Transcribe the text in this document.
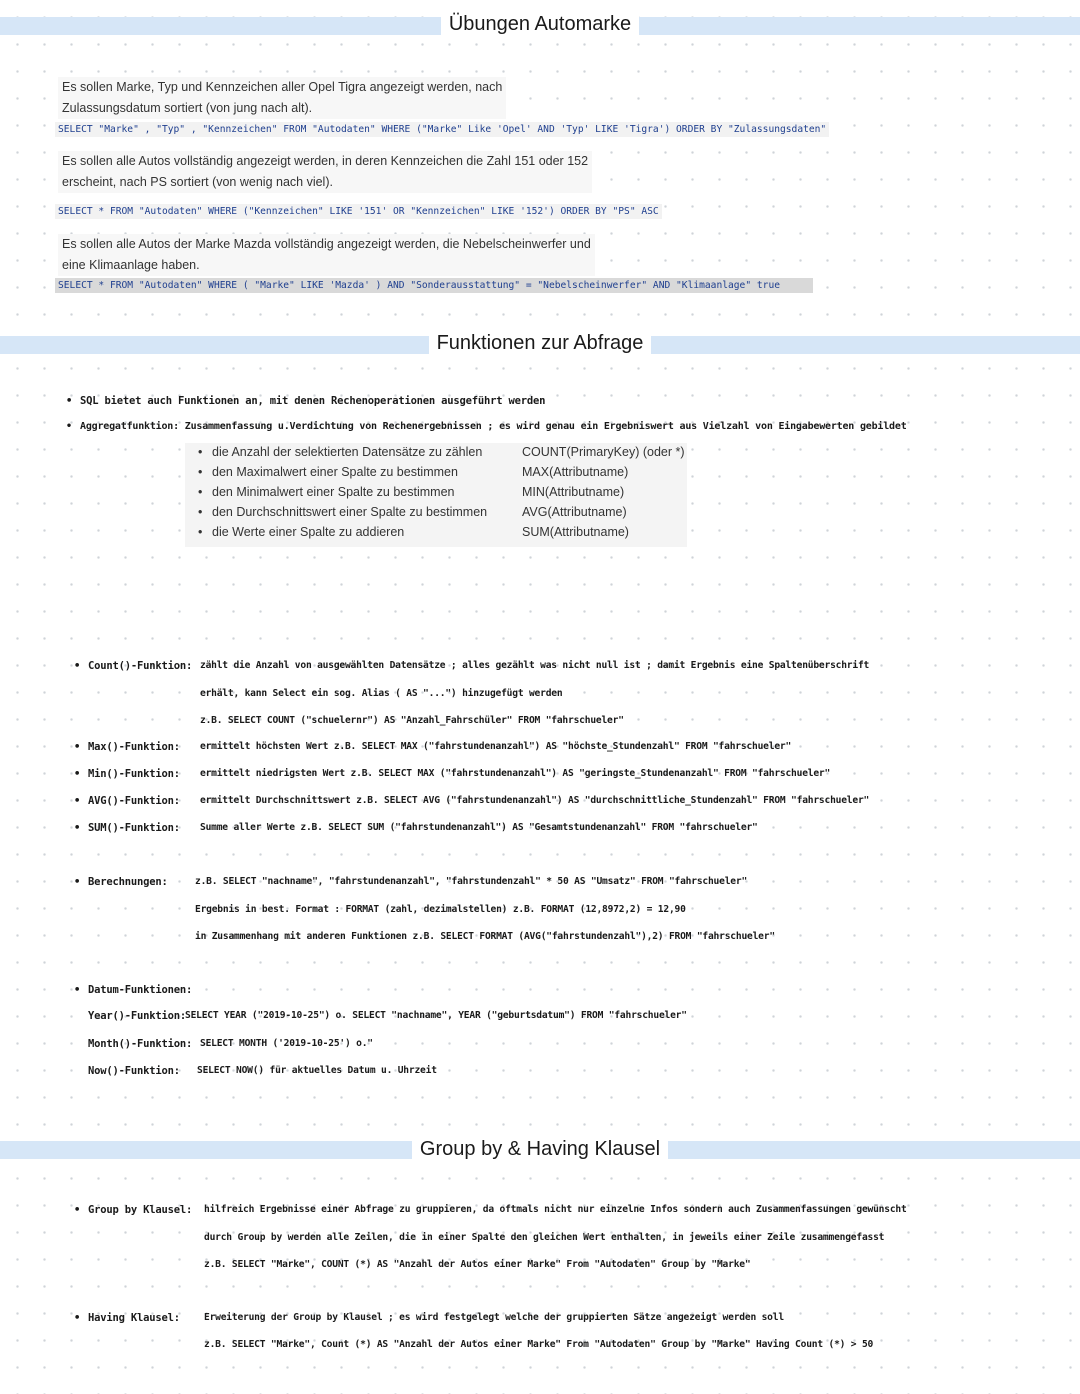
Übungen Automarke
Es sollen Marke, Typ und Kennzeichen aller Opel Tigra angezeigt werden, nach
Zulassungsdatum sortiert (von jung nach alt).
SELECT "Marke" , "Typ" , "Kennzeichen" FROM "Autodaten" WHERE ("Marke" Like 'Opel' AND 'Typ' LIKE 'Tigra') ORDER BY "Zulassungsdaten"
Es sollen alle Autos vollständig angezeigt werden, in deren Kennzeichen die Zahl 151 oder 152
erscheint, nach PS sortiert (von wenig nach viel).
SELECT * FROM "Autodaten" WHERE ("Kennzeichen" LIKE '151' OR "Kennzeichen" LIKE '152') ORDER BY "PS" ASC
Es sollen alle Autos der Marke Mazda vollständig angezeigt werden, die Nebelscheinwerfer und
eine Klimaanlage haben.
SELECT * FROM "Autodaten" WHERE ( "Marke" LIKE 'Mazda' ) AND "Sonderausstattung" = "Nebelscheinwerfer" AND "Klimaanlage" true
Funktionen zur Abfrage
• SQL bietet auch Funktionen an, mit denen Rechenoperationen ausgeführt werden
• Aggregatfunktion: Zusammenfassung u.Verdichtung von Rechenergebnissen ; es wird genau ein Ergebniswert aus Vielzahl von Eingabewerten gebildet
• die Anzahl der selektierten Datensätze zu zählen	COUNT(PrimaryKey) (oder *)
• den Maximalwert einer Spalte zu bestimmen	MAX(Attributname)
• den Minimalwert einer Spalte zu bestimmen	MIN(Attributname)
• den Durchschnittswert einer Spalte zu bestimmen	AVG(Attributname)
• die Werte einer Spalte zu addieren	SUM(Attributname)
• Count()-Funktion: zählt die Anzahl von ausgewählten Datensätze ; alles gezählt was nicht null ist ; damit Ergebnis eine Spaltenüberschrift
erhält, kann Select ein sog. Alias ( AS "...") hinzugefügt werden
z.B. SELECT COUNT ("schuelernr") AS "Anzahl_Fahrschüler" FROM "fahrschueler"
• Max()-Funktion: ermittelt höchsten Wert z.B. SELECT MAX ("fahrstundenanzahl") AS "höchste_Stundenzahl" FROM "fahrschueler"
• Min()-Funktion: ermittelt niedrigsten Wert z.B. SELECT MAX ("fahrstundenanzahl") AS "geringste_Stundenanzahl" FROM "fahrschueler"
• AVG()-Funktion: ermittelt Durchschnittswert z.B. SELECT AVG ("fahrstundenanzahl") AS "durchschnittliche_Stundenzahl" FROM "fahrschueler"
• SUM()-Funktion: Summe aller Werte z.B. SELECT SUM ("fahrstundenanzahl") AS "Gesamtstundenanzahl" FROM "fahrschueler"
• Berechnungen:	z.B. SELECT "nachname", "fahrstundenanzahl", "fahrstundenzahl" * 50 AS "Umsatz" FROM "fahrschueler"
Ergebnis in best. Format : FORMAT (zahl, dezimalstellen) z.B. FORMAT (12,8972,2) = 12,90
in Zusammenhang mit anderen Funktionen z.B. SELECT FORMAT (AVG("fahrstundenzahl"),2) FROM "fahrschueler"
• Datum-Funktionen:
Year()-Funktion: SELECT YEAR ("2019-10-25") o. SELECT "nachname", YEAR ("geburtsdatum") FROM "fahrschueler"
Month()-Funktion: SELECT MONTH ('2019-10-25') o."
Now()-Funktion: SELECT NOW() für aktuelles Datum u. Uhrzeit
Group by & Having Klausel
• Group by Klausel: hilfreich Ergebnisse einer Abfrage zu gruppieren, da oftmals nicht nur einzelne Infos sondern auch Zusammenfassungen gewünscht
durch Group by werden alle Zeilen, die in einer Spalte den gleichen Wert enthalten, in jeweils einer Zeile zusammengefasst
z.B. SELECT "Marke", COUNT (*) AS "Anzahl der Autos einer Marke" From "Autodaten" Group by "Marke"
• Having Klausel:	Erweiterung der Group by Klausel ; es wird festgelegt welche der gruppierten Sätze angezeigt werden soll
z.B. SELECT "Marke", Count (*) AS "Anzahl der Autos einer Marke" From "Autodaten" Group by "Marke" Having Count (*) > 50
